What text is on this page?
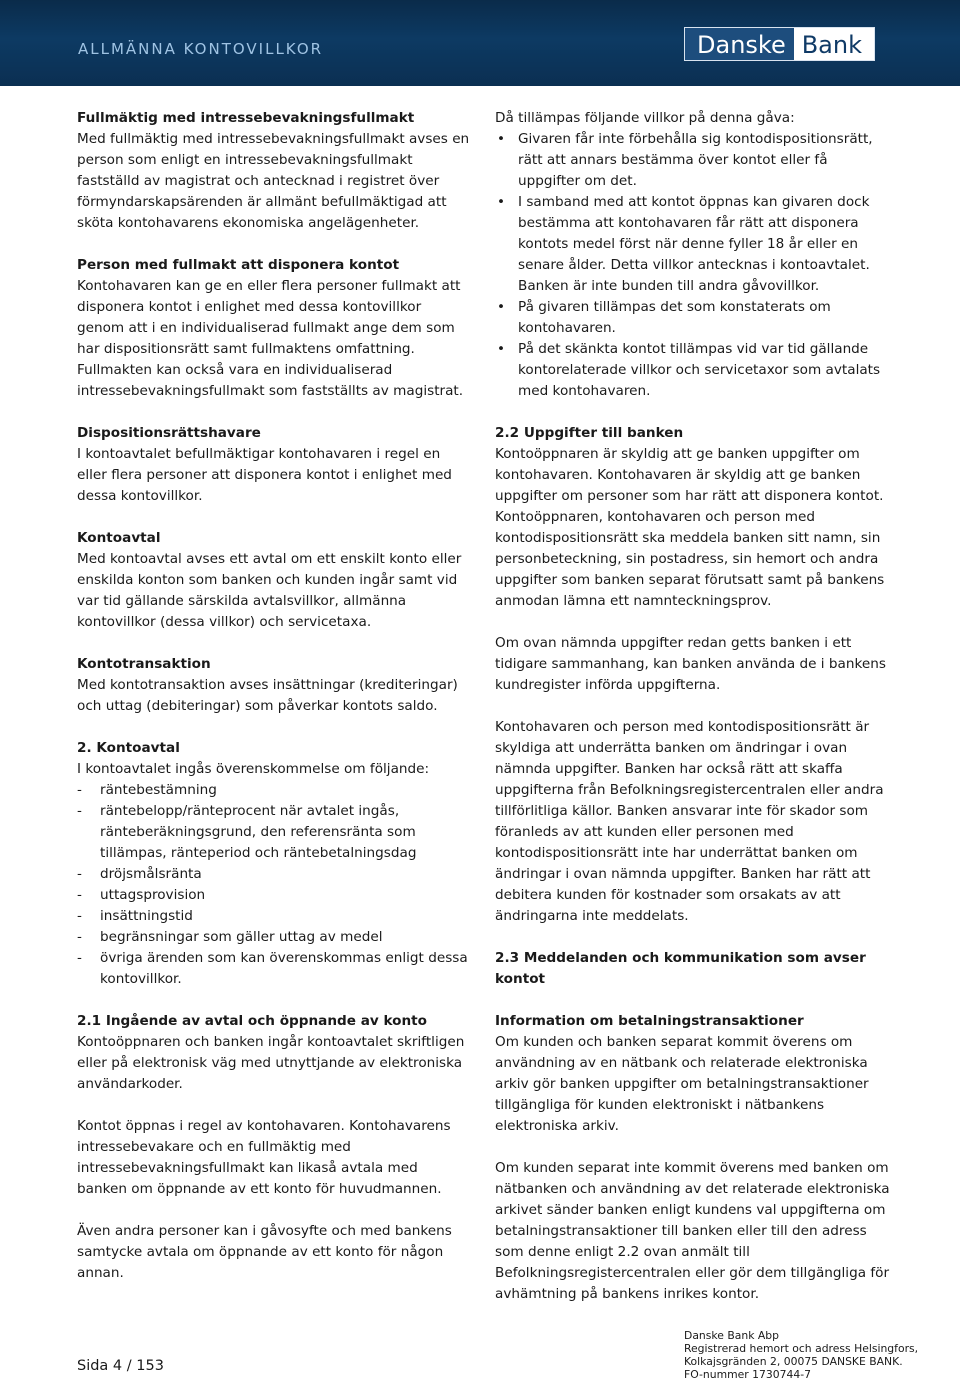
ALLMÄNNA KONTOVILLKOR	Danske Bank
Fullmäktig med intressebevakningsfullmakt
Med fullmäktig med intressebevakningsfullmakt avses en person som enligt en intressebevakningsfullmakt fastställd av magistrat och antecknad i registret över förmyndarskapsärenden är allmänt befullmäktigad att sköta kontohavarens ekonomiska angelägenheter.
Person med fullmakt att disponera kontot
Kontohavaren kan ge en eller flera personer fullmakt att disponera kontot i enlighet med dessa kontovillkor genom att i en individualiserad fullmakt ange dem som har dispositionsrätt samt fullmaktens omfattning. Fullmakten kan också vara en individualiserad intressebevakningsfullmakt som fastställts av magistrat.
Dispositionsrättshavare
I kontoavtalet befullmäktigar kontohavaren i regel en eller flera personer att disponera kontot i enlighet med dessa kontovillkor.
Kontoavtal
Med kontoavtal avses ett avtal om ett enskilt konto eller enskilda konton som banken och kunden ingår samt vid var tid gällande särskilda avtalsvillkor, allmänna kontovillkor (dessa villkor) och servicetaxa.
Kontotransaktion
Med kontotransaktion avses insättningar (krediteringar) och uttag (debiteringar) som påverkar kontots saldo.
2. Kontoavtal
I kontoavtalet ingås överenskommelse om följande:
- räntebestämning
- räntebelopp/ränteprocent när avtalet ingås, ränteberäkningsgrund, den referensränta som tillämpas, ränteperiod och räntebetalningsdag
- dröjsmålsränta
- uttagsprovision
- insättningstid
- begränsningar som gäller uttag av medel
- övriga ärenden som kan överenskommas enligt dessa kontovillkor.
2.1 Ingående av avtal och öppnande av konto
Kontoöppnaren och banken ingår kontoavtalet skriftligen eller på elektronisk väg med utnyttjande av elektroniska användarkoder.
Kontot öppnas i regel av kontohavaren. Kontohavarens intressebevakare och en fullmäktig med intressebevakningsfullmakt kan likaså avtala med banken om öppnande av ett konto för huvudmannen.
Även andra personer kan i gåvosyfte och med bankens samtycke avtala om öppnande av ett konto för någon annan.
Då tillämpas följande villkor på denna gåva:
• Givaren får inte förbehålla sig kontodispositionsrätt, rätt att annars bestämma över kontot eller få uppgifter om det.
• I samband med att kontot öppnas kan givaren dock bestämma att kontohavaren får rätt att disponera kontots medel först när denne fyller 18 år eller en senare ålder. Detta villkor antecknas i kontoavtalet. Banken är inte bunden till andra gåvovillkor.
• På givaren tillämpas det som konstaterats om kontohavaren.
• På det skänkta kontot tillämpas vid var tid gällande kontorelaterade villkor och servicetaxor som avtalats med kontohavaren.
2.2 Uppgifter till banken
Kontoöppnaren är skyldig att ge banken uppgifter om kontohavaren. Kontohavaren är skyldig att ge banken uppgifter om personer som har rätt att disponera kontot. Kontoöppnaren, kontohavaren och person med kontodispositionsrätt ska meddela banken sitt namn, sin personbeteckning, sin postadress, sin hemort och andra uppgifter som banken separat förutsatt samt på bankens anmodan lämna ett namnteckningsprov.
Om ovan nämnda uppgifter redan getts banken i ett tidigare sammanhang, kan banken använda de i bankens kundregister införda uppgifterna.
Kontohavaren och person med kontodispositionsrätt är skyldiga att underrätta banken om ändringar i ovan nämnda uppgifter. Banken har också rätt att skaffa uppgifterna från Befolkningsregistercentralen eller andra tillförlitliga källor. Banken ansvarar inte för skador som föranleds av att kunden eller personen med kontodispositionsrätt inte har underrättat banken om ändringar i ovan nämnda uppgifter. Banken har rätt att debitera kunden för kostnader som orsakats av att ändringarna inte meddelats.
2.3 Meddelanden och kommunikation som avser kontot
Information om betalningstransaktioner
Om kunden och banken separat kommit överens om användning av en nätbank och relaterade elektroniska arkiv gör banken uppgifter om betalningstransaktioner tillgängliga för kunden elektroniskt i nätbankens elektroniska arkiv.
Om kunden separat inte kommit överens med banken om nätbanken och användning av det relaterade elektroniska arkivet sänder banken enligt kundens val uppgifterna om betalningstransaktioner till banken eller till den adress som denne enligt 2.2 ovan anmält till Befolkningsregistercentralen eller gör dem tillgängliga för avhämtning på bankens inrikes kontor.
Sida 4 / 153
Danske Bank Abp
Registrerad hemort och adress Helsingfors,
Kolkajsgränden 2, 00075 DANSKE BANK.
FO-nummer 1730744-7
